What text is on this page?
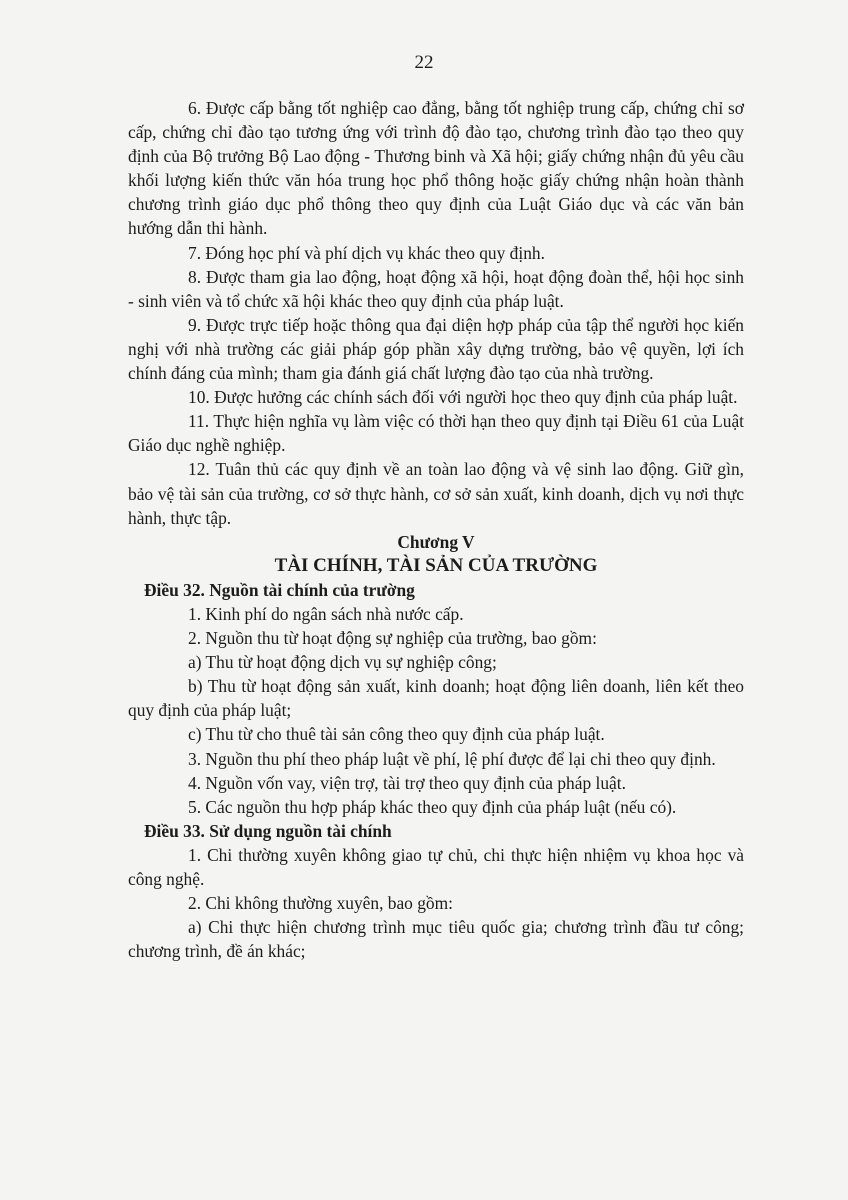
22

6. Được cấp bằng tốt nghiệp cao đẳng, bằng tốt nghiệp trung cấp, chứng chỉ sơ cấp, chứng chỉ đào tạo tương ứng với trình độ đào tạo, chương trình đào tạo theo quy định của Bộ trưởng Bộ Lao động - Thương binh và Xã hội; giấy chứng nhận đủ yêu cầu khối lượng kiến thức văn hóa trung học phổ thông hoặc giấy chứng nhận hoàn thành chương trình giáo dục phổ thông theo quy định của Luật Giáo dục và các văn bản hướng dẫn thi hành.

7. Đóng học phí và phí dịch vụ khác theo quy định.

8. Được tham gia lao động, hoạt động xã hội, hoạt động đoàn thể, hội học sinh - sinh viên và tổ chức xã hội khác theo quy định của pháp luật.

9. Được trực tiếp hoặc thông qua đại diện hợp pháp của tập thể người học kiến nghị với nhà trường các giải pháp góp phần xây dựng trường, bảo vệ quyền, lợi ích chính đáng của mình; tham gia đánh giá chất lượng đào tạo của nhà trường.

10. Được hưởng các chính sách đối với người học theo quy định của pháp luật.

11. Thực hiện nghĩa vụ làm việc có thời hạn theo quy định tại Điều 61 của Luật Giáo dục nghề nghiệp.

12. Tuân thủ các quy định về an toàn lao động và vệ sinh lao động. Giữ gìn, bảo vệ tài sản của trường, cơ sở thực hành, cơ sở sản xuất, kinh doanh, dịch vụ nơi thực hành, thực tập.

Chương V

TÀI CHÍNH, TÀI SẢN CỦA TRƯỜNG

Điều 32. Nguồn tài chính của trường

1. Kinh phí do ngân sách nhà nước cấp.

2. Nguồn thu từ hoạt động sự nghiệp của trường, bao gồm:

a) Thu từ hoạt động dịch vụ sự nghiệp công;

b) Thu từ hoạt động sản xuất, kinh doanh; hoạt động liên doanh, liên kết theo quy định của pháp luật;

c) Thu từ cho thuê tài sản công theo quy định của pháp luật.

3. Nguồn thu phí theo pháp luật về phí, lệ phí được để lại chi theo quy định.

4. Nguồn vốn vay, viện trợ, tài trợ theo quy định của pháp luật.

5. Các nguồn thu hợp pháp khác theo quy định của pháp luật (nếu có).

Điều 33. Sử dụng nguồn tài chính

1. Chi thường xuyên không giao tự chủ, chi thực hiện nhiệm vụ khoa học và công nghệ.

2. Chi không thường xuyên, bao gồm:

a) Chi thực hiện chương trình mục tiêu quốc gia; chương trình đầu tư công; chương trình, đề án khác;
